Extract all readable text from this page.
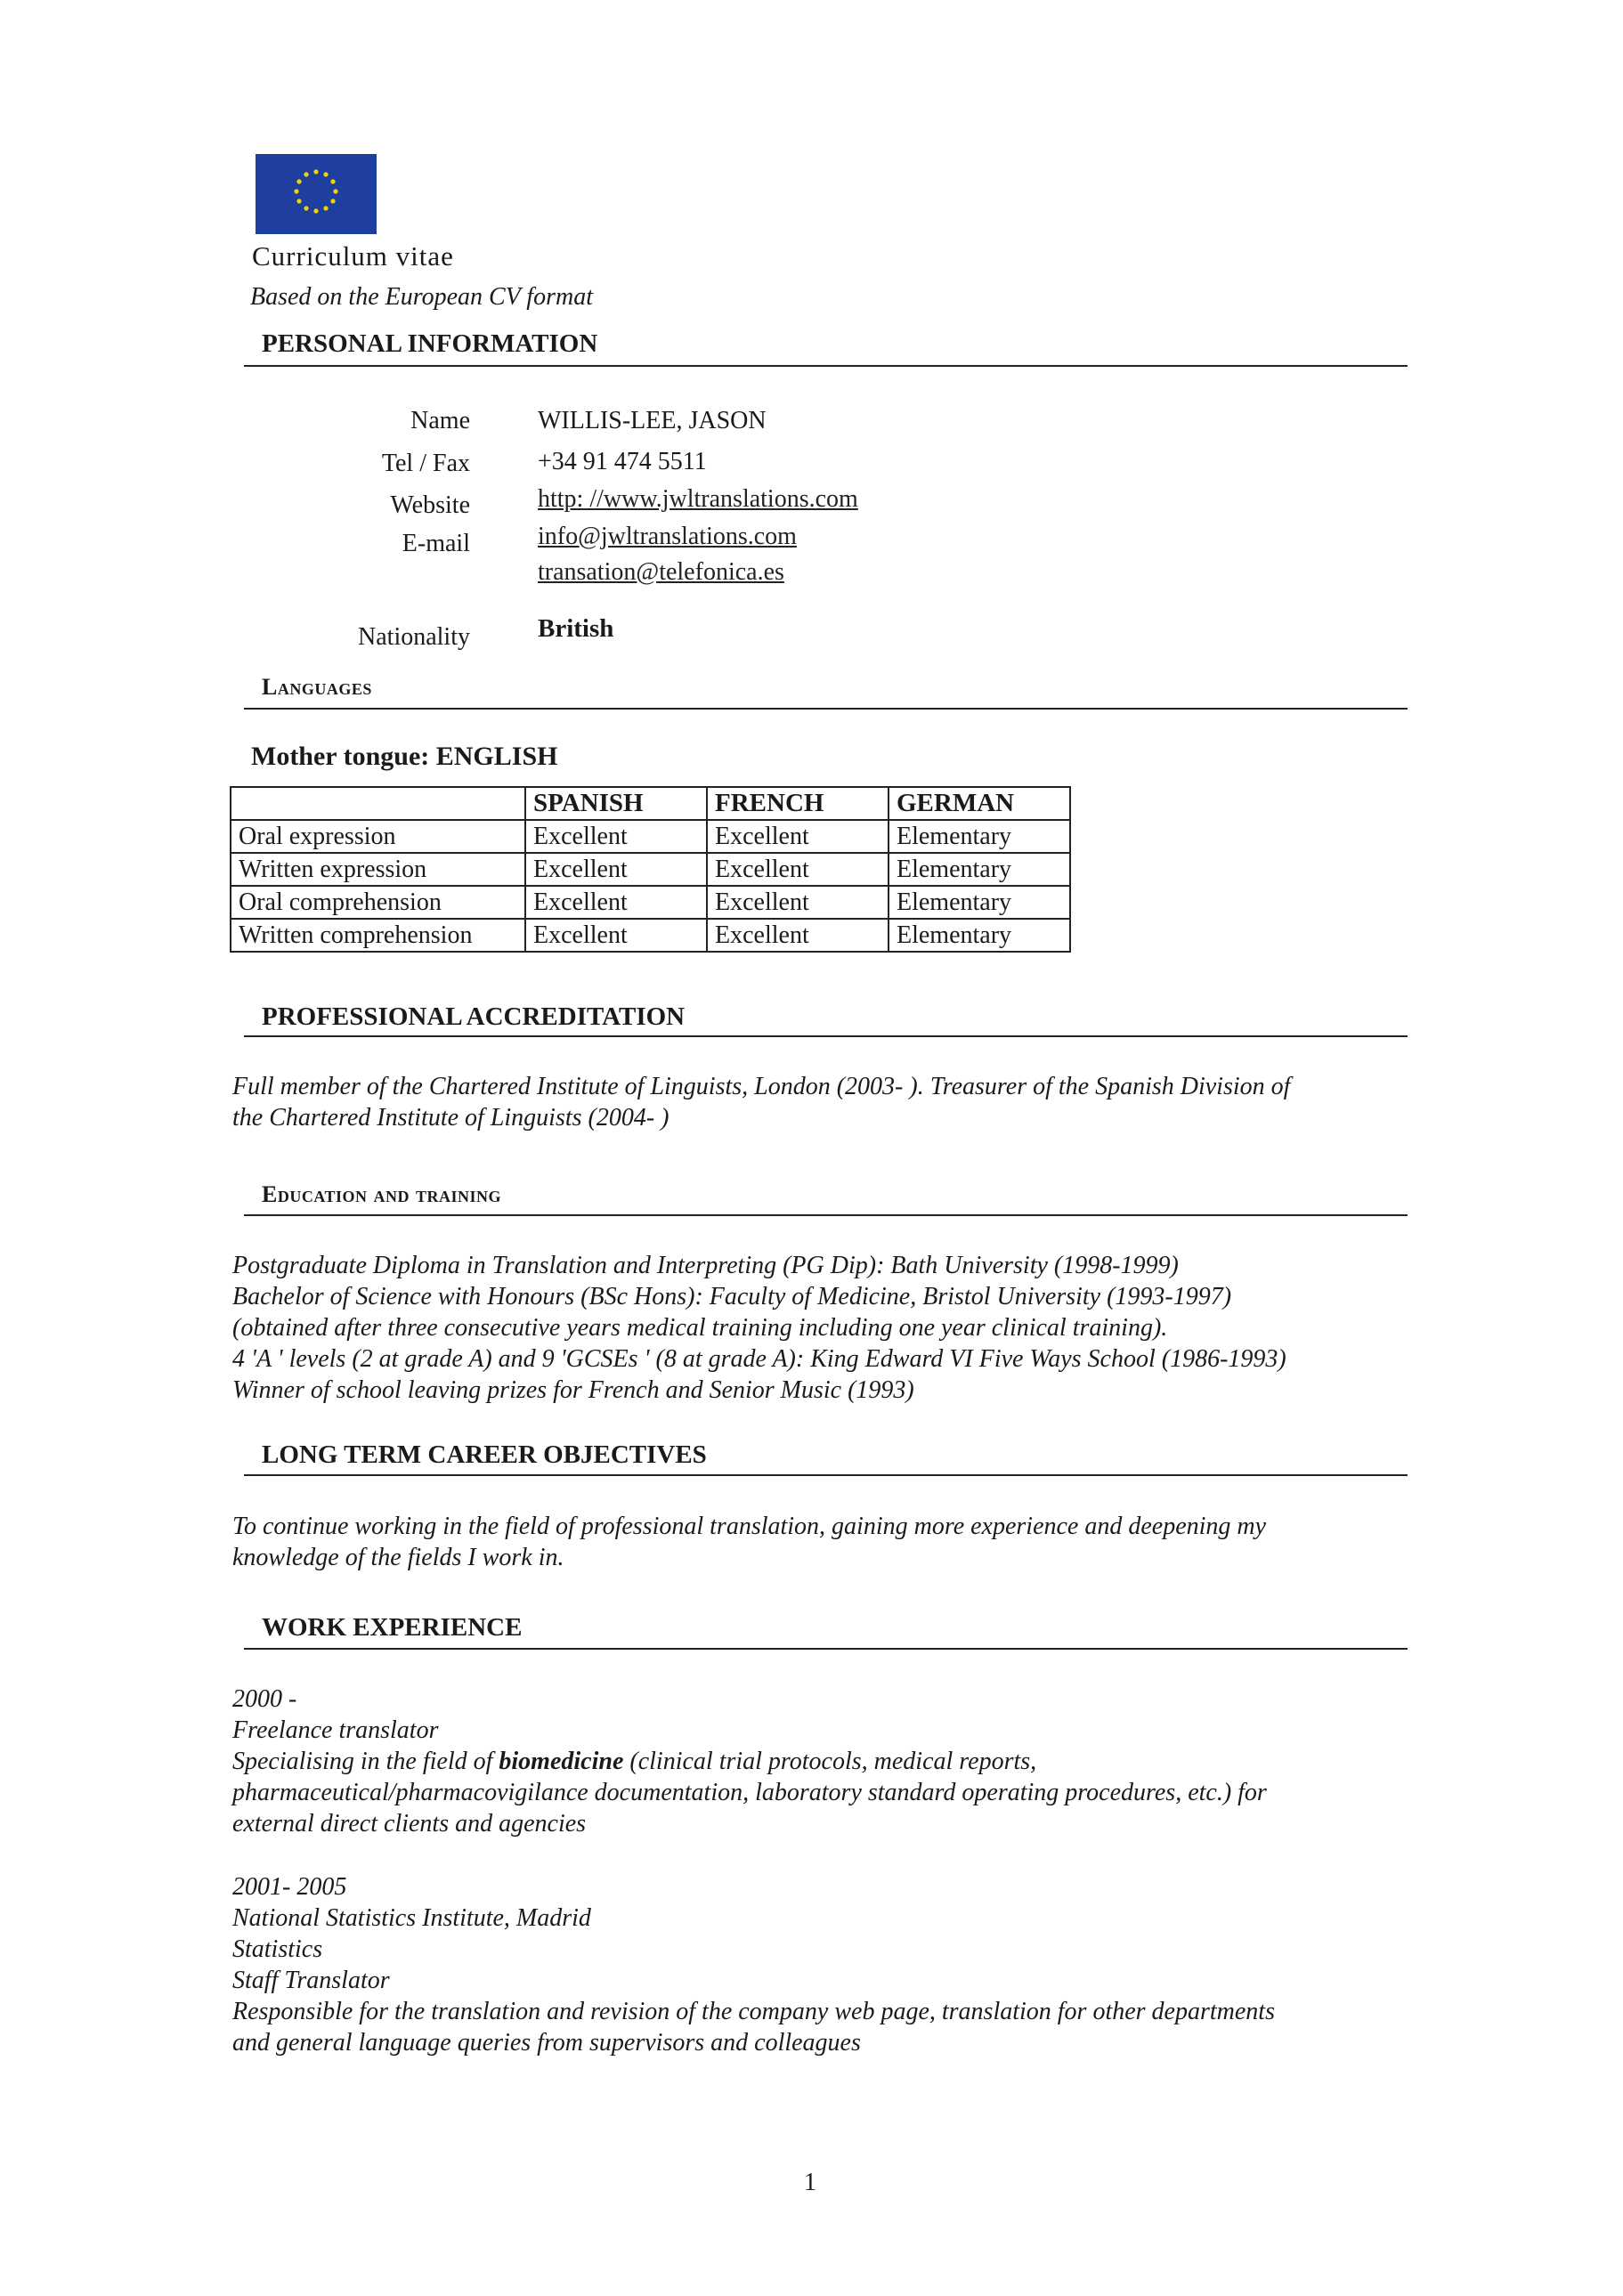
Curriculum vitae
Based on the European CV format
PERSONAL INFORMATION
Name	WILLIS-LEE, JASON
Tel / Fax	+34 91 474 5511
Website	http: //www.jwltranslations.com
E-mail	info@jwltranslations.com
transation@telefonica.es
Nationality	British
Languages
Mother tongue: ENGLISH
	SPANISH	FRENCH	GERMAN
Oral expression	Excellent	Excellent	Elementary
Written expression	Excellent	Excellent	Elementary
Oral comprehension	Excellent	Excellent	Elementary
Written comprehension	Excellent	Excellent	Elementary
PROFESSIONAL ACCREDITATION
Full member of the Chartered Institute of Linguists, London (2003- ). Treasurer of the Spanish Division of
the Chartered Institute of Linguists (2004- )
Education and training
Postgraduate Diploma in Translation and Interpreting (PG Dip): Bath University (1998-1999)
Bachelor of Science with Honours (BSc Hons): Faculty of Medicine, Bristol University (1993-1997)
(obtained after three consecutive years medical training including one year clinical training).
4 'A ' levels (2 at grade A) and 9 'GCSEs ' (8 at grade A): King Edward VI Five Ways School (1986-1993)
Winner of school leaving prizes for French and Senior Music (1993)
LONG TERM CAREER OBJECTIVES
To continue working in the field of professional translation, gaining more experience and deepening my
knowledge of the fields I work in.
WORK EXPERIENCE
2000 -
Freelance translator
Specialising in the field of biomedicine (clinical trial protocols, medical reports,
pharmaceutical/pharmacovigilance documentation, laboratory standard operating procedures, etc.) for
external direct clients and agencies
2001- 2005
National Statistics Institute, Madrid
Statistics
Staff Translator
Responsible for the translation and revision of the company web page, translation for other departments
and general language queries from supervisors and colleagues
1
